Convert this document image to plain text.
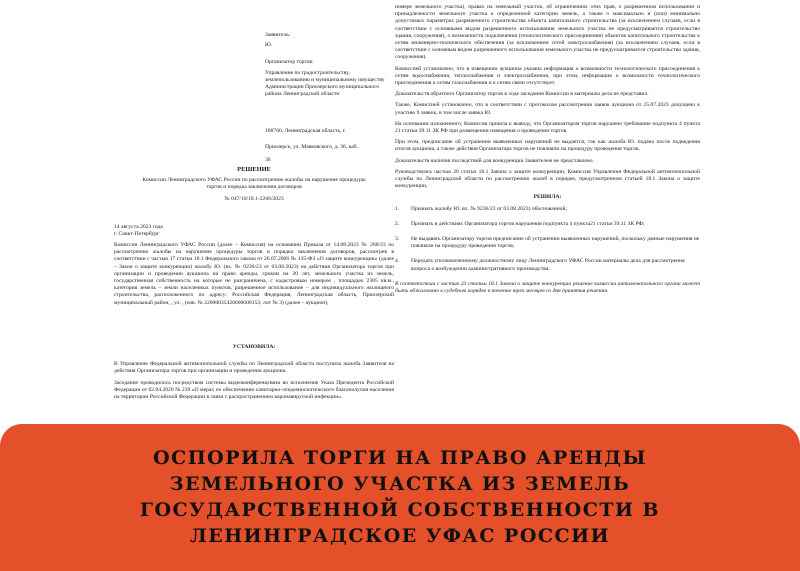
Заявитель:

Ю.

Организатор торгов:

Управление по градостроительству, землепользованию и муниципальному имуществу Администрации Приозерского муниципального района Ленинградской области

188760, Ленинградская область, г.

Приозерск, ул. Маяковского, д. 36, каб.

36

РЕШЕНИЕ

Комиссии Ленинградского УФАС России по рассмотрению жалобы на нарушение процедуры торгов и порядка заключения договоров

№ 047/10/18.1-2266/2023

14 августа 2023 года

г. Санкт-Петербург

Комиссия Ленинградского УФАС России (далее – Комиссия) на основании Приказа от 14.08.2023 № 268/23 по рассмотрению жалобы на нарушение процедуры торгов и порядка заключения договоров, рассмотрев в соответствии с частью 17 статьи 18.1 Федерального закона от 26.07.2006 № 135-ФЗ «О защите конкуренции» (далее – Закон о защите конкуренции) жалобу Ю. (вх. № 9236/23 от 03.08.2023) на действия Организатора торгов при организации и проведении аукциона на право аренды, сроком на 20 лет, земельного участка из земель, государственная собственность на которые не разграничена, с кадастровым номером , площадью 2385 кв.м., категория земель – земли населенных пунктов, разрешенное использование – для индивидуального жилищного строительства, расположенного по адресу: Российская Федерация, Ленинградская область, Приозерский муниципальный район, , ул. , (изв. № 22000035420000000153; лот № 3) (далее – аукцион),

УСТАНОВИЛА:

В Управление Федеральной антимонопольной службы по Ленинградской области поступила жалоба Заявителя на действия Организатора торгов при организации и проведении аукциона.

Заседание проводилось посредством системы видеоконференцсвязи во исполнение Указа Президента Российской Федерации от 02.04.2020 № 239 «О мерах по обеспечению санитарно-эпидемиологического благополучия населения на территории Российской Федерации в связи с распространением коронавирусной инфекции».

номере земельного участка), правах на земельный участок, об ограничениях этих прав, о разрешенном использовании и принадлежности земельного участка к определенной категории земель, а также о максимально и (или) минимально допустимых параметрах разрешенного строительства объекта капитального строительства (за исключением случаев, если в соответствии с основными видом разрешенного использования земельного участка не предусматривается строительство здания, сооружения), о возможности подключения (технологического присоединения) объектов капитального строительства к сетям инженерно-технического обеспечения (за исключением сетей электроснабжения) (за исключением случаев, если в соответствии с основным видом разрешенного использования земельного участка не предусматривается строительство здания, сооружения).

Комиссией установлено, что в извещении аукциона указана информация о возможности технологического присоединения к сетям водоснабжения, теплоснабжения и электроснабжения, при этом, информация о возможности технологического присоединения к сетям газоснабжения и к сетям связи отсутствует.

Доказательств обратного Организатор торгов в ходе заседания Комиссии в материалы дела не представил.

Также, Комиссией установлено, что в соответствии с протоколом рассмотрения заявок аукциона от 25.07.2023 допущено к участию 9 заявок, в том числе заявка Ю.

На основании изложенного, Комиссия пришла к выводу, что Организатором торгов нарушено требование подпункта 4 пункта 21 статьи 39.11 ЗК РФ при размещении извещения о проведении торгов.

При этом, предписание об устранении выявленных нарушений не выдается, так как жалоба Ю. подана после подведения итогов аукциона, а также действия Организатора торгов не повлияли на процедуру проведения торгов.

Доказательств наличия последствий для конкуренции Заявителем не представлено.

Руководствуясь частью 20 статьи 18.1 Закона о защите конкуренции, Комиссия Управления Федеральной антимонопольной службы по Ленинградской области по рассмотрению жалоб в порядке, предусмотренном статьей 18.1 Закона о защите конкуренции,

РЕШИЛА:

1.	Признать жалобу Ю. вх. № 9236/23 от 03.08.2023) обоснованной;
2.	Признать в действиях Организатора торгов нарушения подпункта 4 пункта21 статьи 39.11 ЗК РФ;
3.	Не выдавать Организатору торгов предписание об устранении выявленных нарушений, поскольку данные нарушения не повлияли на процедуру проведения торгов;
4.	Передать уполномоченному должностному лицу Ленинградского УФАС России материалы дела для рассмотрения вопроса о возбуждении административного производства.

В соответствии с частью 23 статьи 18.1 Закона о защите конкуренции решение комиссии антимонопольного органа может быть обжаловано в судебном порядке в течение трех месяцев со дня принятия решения.

ОСПОРИЛА ТОРГИ НА ПРАВО АРЕНДЫ
ЗЕМЕЛЬНОГО УЧАСТКА ИЗ ЗЕМЕЛЬ
ГОСУДАРСТВЕННОЙ СОБСТВЕННОСТИ В
ЛЕНИНГРАДСКОЕ УФАС РОССИИ
